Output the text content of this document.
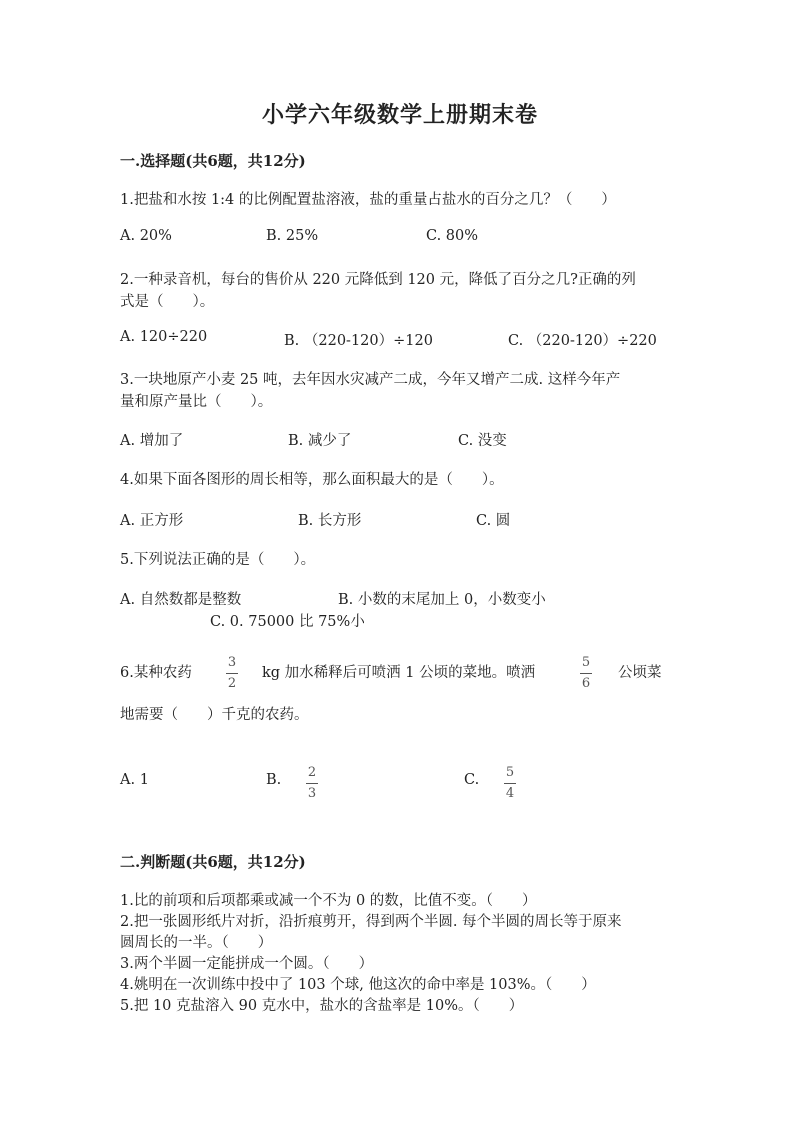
小学六年级数学上册期末卷
一.选择题(共6题，共12分)
1.把盐和水按 1:4 的比例配置盐溶液，盐的重量占盐水的百分之几？（　　）
A. 20%	B. 25%	C. 80%
2.一种录音机，每台的售价从 220 元降低到 120 元，降低了百分之几?正确的列
式是（　　）。
A. 120÷220	B. （220-120）÷120	C. （220-120）÷220
3.一块地原产小麦 25 吨，去年因水灾减产二成，今年又增产二成. 这样今年产
量和原产量比（　　）。
A. 增加了	B. 减少了	C. 没变
4.如果下面各图形的周长相等，那么面积最大的是（　　）。
A. 正方形	B. 长方形	C. 圆
5.下列说法正确的是（　　）。
A. 自然数都是整数	B. 小数的末尾加上 0，小数变小
C. 0. 75000 比 75%小
6.某种农药
3
2
kg 加水稀释后可喷洒 1 公顷的菜地。喷洒
5
6
公顷菜
地需要（　　）千克的农药。
A. 1	B. 2
3
C. 5
4
二.判断题(共6题，共12分)
1.比的前项和后项都乘或减一个不为 0 的数，比值不变。（　　）
2.把一张圆形纸片对折，沿折痕剪开，得到两个半圆. 每个半圆的周长等于原来
圆周长的一半。（　　）
3.两个半圆一定能拼成一个圆。（　　）
4.姚明在一次训练中投中了 103 个球, 他这次的命中率是 103%。（　　）
5.把 10 克盐溶入 90 克水中，盐水的含盐率是 10%。（　　）
